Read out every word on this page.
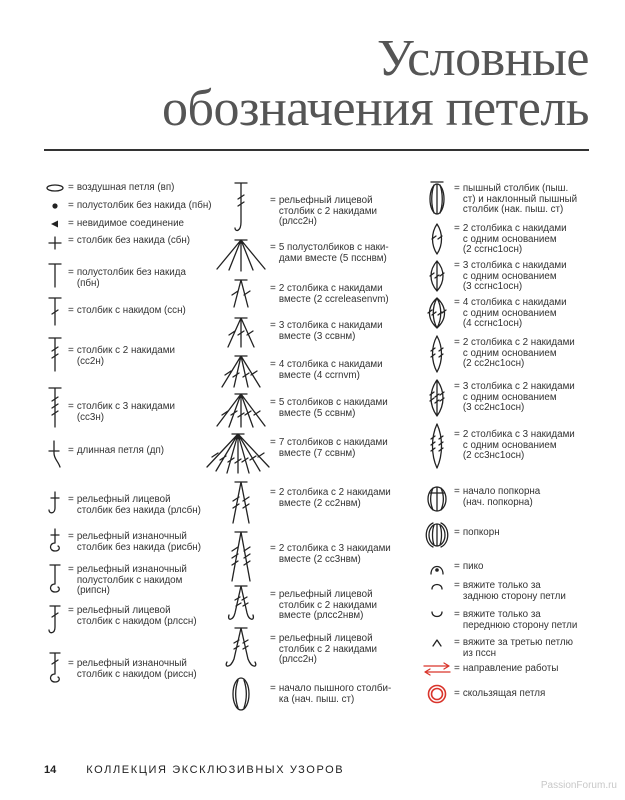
Условные
обозначения петель
= воздушная петля (вп)
= полустолбик без накида (пбн)
= невидимое соединение
= столбик без накида (сбн)
= полустолбик без накида
(пбн)
= столбик с накидом (ссн)
= столбик с 2 накидами
(сс2н)
= столбик с 3 накидами
(сс3н)
= длинная петля (дп)
= рельефный лицевой
столбик без накида (рлсбн)
= рельефный изнаночный
столбик без накида (рисбн)
= рельефный изнаночный
полустолбик с накидом
(рипсн)
= рельефный лицевой
столбик с накидом (рлссн)
= рельефный изнаночный
столбик с накидом (риссн)
= рельефный лицевой
столбик с 2 накидами
(рлсс2н)
= 5 полустолбиков с наки-
дами вместе (5 псснвм)
= 2 столбика с накидами
вместе (2 ссreleasenvm)
= 3 столбика с накидами
вместе (3 ссвнм)
= 4 столбика с накидами
вместе (4 ссrnvm)
= 5 столбиков с накидами
вместе (5 ссвнм)
= 7 столбиков с накидами
вместе (7 ссвнм)
= 2 столбика с 2 накидами
вместе (2 сс2нвм)
= 2 столбика с 3 накидами
вместе (2 сс3нвм)
= рельефный лицевой
столбик с 2 накидами
вместе (рлсс2нвм)
= рельефный лицевой
столбик с 2 накидами
(рлсс2н)
= начало пышного столби-
ка (нач. пыш. ст)
= пышный столбик (пыш.
ст) и наклонный пышный
столбик (нак. пыш. ст)
= 2 столбика с накидами
с одним основанием
(2 ссrнс1осн)
= 3 столбика с накидами
с одним основанием
(3 ссrнс1осн)
= 4 столбика с накидами
с одним основанием
(4 ссrнс1осн)
= 2 столбика с 2 накидами
с одним основанием
(2 сс2нс1осн)
= 3 столбика с 2 накидами
с одним основанием
(3 сс2нс1осн)
= 2 столбика с 3 накидами
с одним основанием
(2 сс3нс1осн)
= начало попкорна
(нач. попкорна)
= попкорн
= пико
= вяжите только за
заднюю сторону петли
= вяжите только за
переднюю сторону петли
= вяжите за третью петлю
из пссн
= направление работы
= скользящая петля
14	КОЛЛЕКЦИЯ ЭКСКЛЮЗИВНЫХ УЗОРОВ
PassionForum.ru
